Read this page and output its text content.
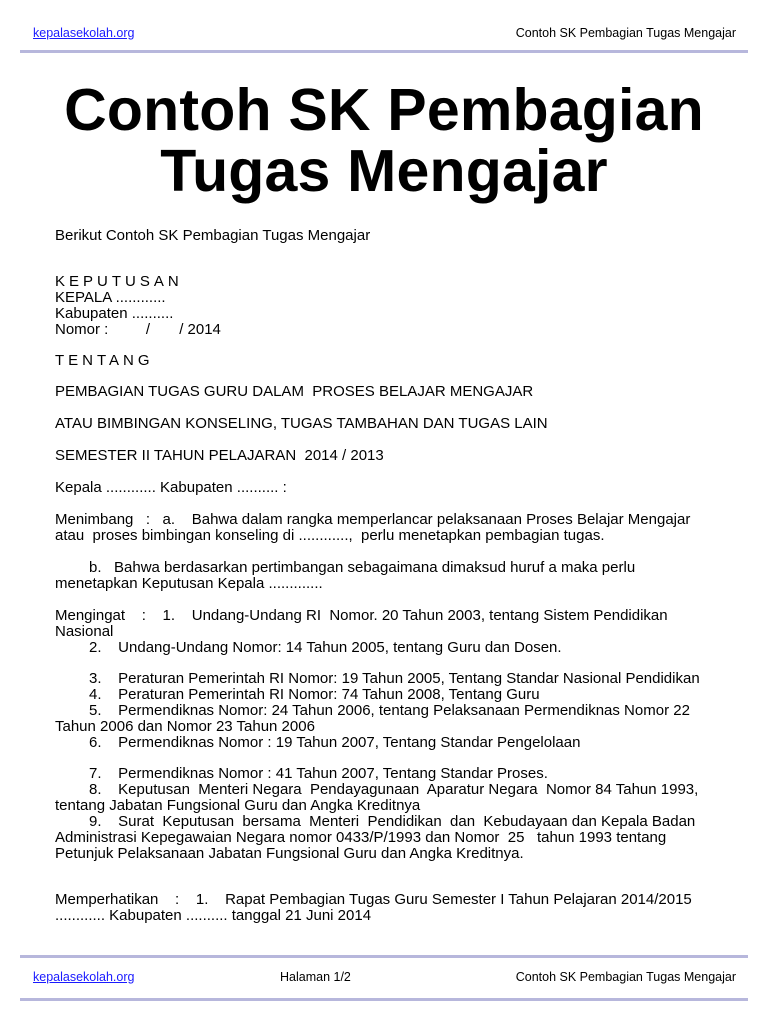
kepalasekolah.org	Contoh SK Pembagian Tugas Mengajar
Contoh SK Pembagian
Tugas Mengajar

Berikut Contoh SK Pembagian Tugas Mengajar

KEPUTUSAN

KEPALA ............

Kabupaten ..........

Nomor :         /       / 2014

TENTANG

PEMBAGIAN TUGAS GURU DALAM  PROSES BELAJAR MENGAJAR

ATAU BIMBINGAN KONSELING, TUGAS TAMBAHAN DAN TUGAS LAIN

SEMESTER II TAHUN PELAJARAN  2014 / 2013

Kepala ............ Kabupaten .......... :

Menimbang   :   a.    Bahwa dalam rangka memperlancar pelaksanaan Proses Belajar Mengajar atau  proses bimbingan konseling di ............,  perlu menetapkan pembagian tugas.

b.   Bahwa berdasarkan pertimbangan sebagaimana dimaksud huruf a maka perlu menetapkan Keputusan Kepala .............

Mengingat    :    1.    Undang-Undang RI  Nomor. 20 Tahun 2003, tentang Sistem Pendidikan Nasional

2.    Undang-Undang Nomor: 14 Tahun 2005, tentang Guru dan Dosen.

3.    Peraturan Pemerintah RI Nomor: 19 Tahun 2005, Tentang Standar Nasional Pendidikan

4.    Peraturan Pemerintah RI Nomor: 74 Tahun 2008, Tentang Guru

5.    Permendiknas Nomor: 24 Tahun 2006, tentang Pelaksanaan Permendiknas Nomor 22 Tahun 2006 dan Nomor 23 Tahun 2006

6.    Permendiknas Nomor : 19 Tahun 2007, Tentang Standar Pengelolaan

7.    Permendiknas Nomor : 41 Tahun 2007, Tentang Standar Proses.

8.    Keputusan  Menteri Negara  Pendayagunaan  Aparatur Negara  Nomor 84 Tahun 1993, tentang Jabatan Fungsional Guru dan Angka Kreditnya

9.    Surat  Keputusan  bersama  Menteri  Pendidikan  dan  Kebudayaan dan Kepala Badan  Administrasi Kepegawaian Negara nomor 0433/P/1993 dan Nomor  25   tahun 1993 tentang Petunjuk Pelaksanaan Jabatan Fungsional Guru dan Angka Kreditnya.

Memperhatikan    :    1.    Rapat Pembagian Tugas Guru Semester I Tahun Pelajaran 2014/2015 ............ Kabupaten .......... tanggal 21 Juni 2014

kepalasekolah.org	Halaman 1/2	Contoh SK Pembagian Tugas Mengajar
